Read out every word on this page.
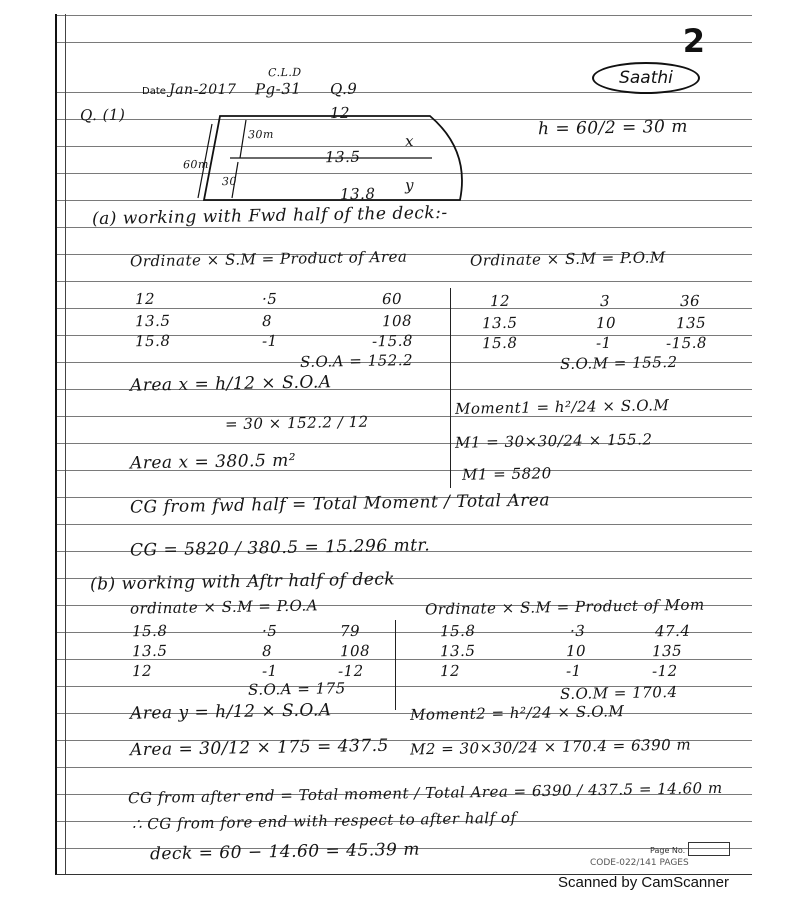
2
Saathi
Date Jan-2017
C.L.D
Pg-31 Q.9
Q. (1)	12
13.5
13.8
x
y
30m
30
60m
h = 60/2 = 30 m
(a) working with Fwd half of the deck:-
Ordinate × S.M = Product of Area	Ordinate × S.M = P.O.M
12	·5	60
13.5	8	108
15.8	-1	-15.8
S.O.A = 152.2
12	3	36
13.5	10	135
15.8	-1	-15.8
S.O.M = 155.2
Area x = h/12 × S.O.A
= 30 × 152.2 / 12
Area x = 380.5 m²
Moment1 = h²/24 × S.O.M
M1 = 30×30/24 × 155.2
M1 = 5820
CG from fwd half = Total Moment / Total Area
CG = 5820 / 380.5 = 15.296 mtr.
(b) working with Aftr half of deck
ordinate × S.M = P.O.A	Ordinate × S.M = Product of Mom
15.8	·5	79
13.5	8	108
12	-1	-12
S.O.A = 175
15.8	·3	47.4
13.5	10	135
12	-1	-12
S.O.M = 170.4
Area y = h/12 × S.O.A
Area = 30/12 × 175 = 437.5
Moment2 = h²/24 × S.O.M
M2 = 30×30/24 × 170.4 = 6390 m
CG from after end = Total moment / Total Area = 6390 / 437.5 = 14.60 m
∴ CG from fore end with respect to after half of
deck = 60 − 14.60 = 45.39 m	Page No.
CODE-022/141 PAGES
Scanned by CamScanner
